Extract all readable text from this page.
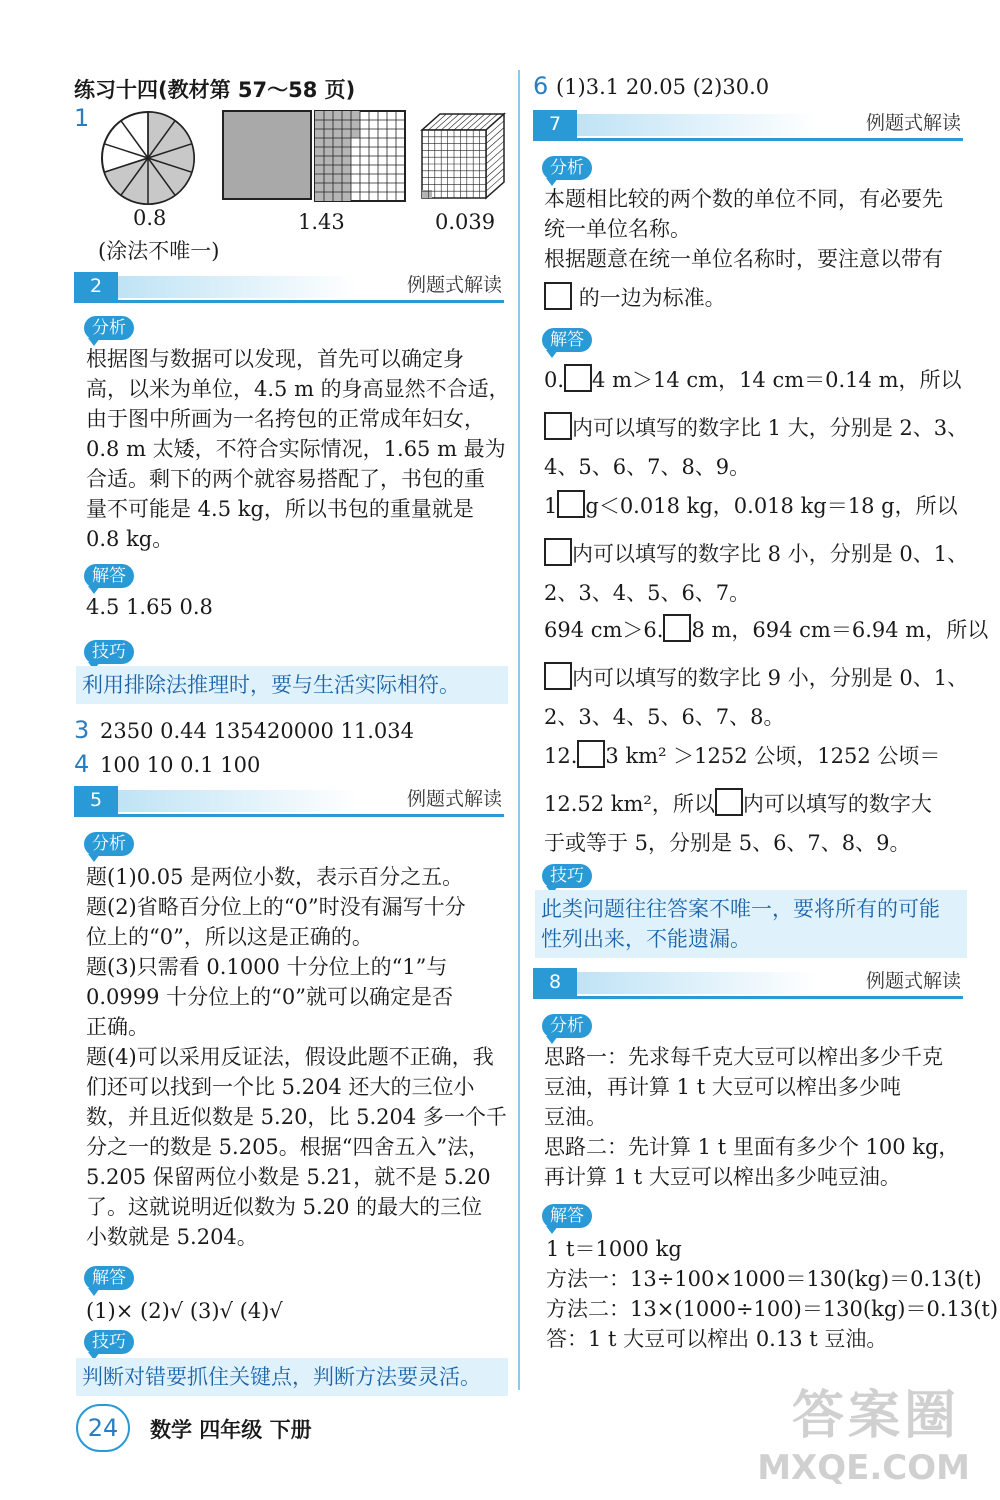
练习十四(教材第 57～58 页)
1
0.8	1.43	0.039
(涂法不唯一)
2	例题式解读
分析
根据图与数据可以发现，首先可以确定身
高，以米为单位，4.5 m 的身高显然不合适，
由于图中所画为一名挎包的正常成年妇女，
0.8 m 太矮，不符合实际情况，1.65 m 最为
合适。剩下的两个就容易搭配了，书包的重
量不可能是 4.5 kg，所以书包的重量就是
0.8 kg。
解答
4.5 1.65 0.8
技巧
利用排除法推理时，要与生活实际相符。
3 2350 0.44 135420000 11.034
4 100 10 0.1 100
5	例题式解读
分析
题(1)0.05 是两位小数，表示百分之五。
题(2)省略百分位上的“0”时没有漏写十分
位上的“0”，所以这是正确的。
题(3)只需看 0.1000 十分位上的“1”与
0.0999 十分位上的“0”就可以确定是否
正确。
题(4)可以采用反证法，假设此题不正确，我
们还可以找到一个比 5.204 还大的三位小
数，并且近似数是 5.20，比 5.204 多一个千
分之一的数是 5.205。根据“四舍五入”法，
5.205 保留两位小数是 5.21，就不是 5.20
了。这就说明近似数为 5.20 的最大的三位
小数就是 5.204。
解答
(1)× (2)√ (3)√ (4)√
技巧
判断对错要抓住关键点，判断方法要灵活。
6 (1)3.1 20.05 (2)30.0
7	例题式解读
分析
本题相比较的两个数的单位不同，有必要先
统一单位名称。
根据题意在统一单位名称时，要注意以带有
的一边为标准。
解答
0. 4 m＞14 cm，14 cm＝0.14 m，所以
内可以填写的数字比 1 大，分别是 2、3、
4、5、6、7、8、9。
1 g＜0.018 kg，0.018 kg＝18 g，所以
内可以填写的数字比 8 小，分别是 0、1、
2、3、4、5、6、7。
694 cm＞6. 8 m，694 cm＝6.94 m，所以
内可以填写的数字比 9 小，分别是 0、1、
2、3、4、5、6、7、8。
12. 3 km² ＞1252 公顷，1252 公顷＝
12.52 km²，所以 内可以填写的数字大
于或等于 5，分别是 5、6、7、8、9。
技巧
此类问题往往答案不唯一，要将所有的可能
性列出来，不能遗漏。
8	例题式解读
分析
思路一：先求每千克大豆可以榨出多少千克
豆油，再计算 1 t 大豆可以榨出多少吨
豆油。
思路二：先计算 1 t 里面有多少个 100 kg，
再计算 1 t 大豆可以榨出多少吨豆油。
解答
1 t＝1000 kg
方法一：13÷100×1000＝130(kg)＝0.13(t)
方法二：13×(1000÷100)＝130(kg)＝0.13(t)
答：1 t 大豆可以榨出 0.13 t 豆油。
24	数学 四年级 下册	答案圈
MXQE.COM
